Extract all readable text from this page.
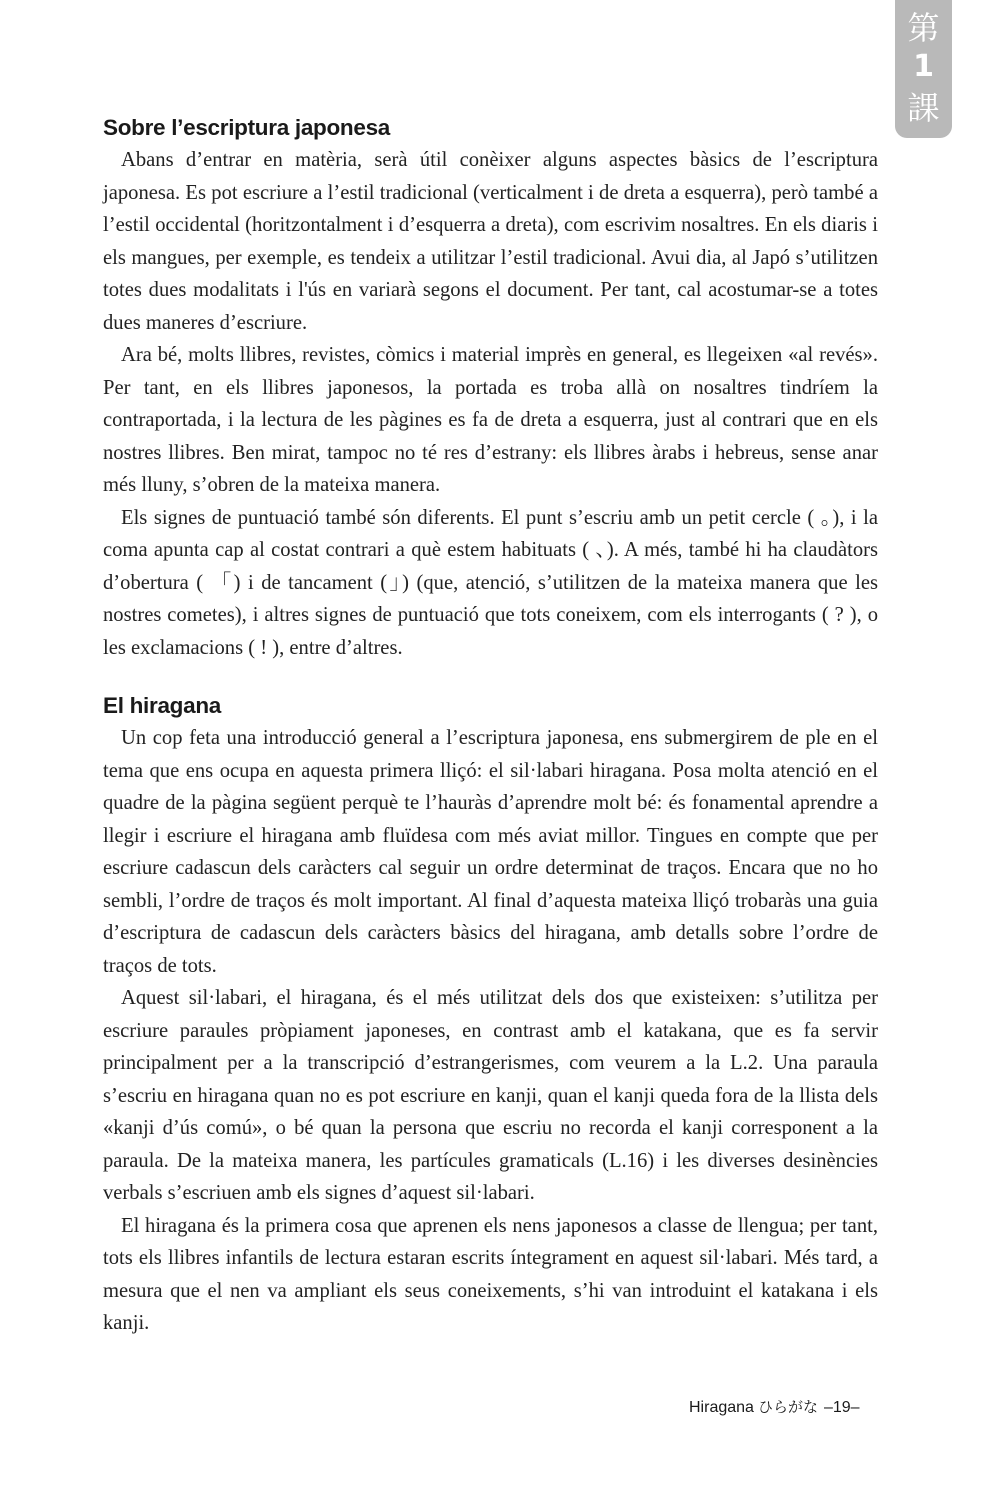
第
1
課
Sobre l’escriptura japonesa

Abans d’entrar en matèria, serà útil conèixer alguns aspectes bàsics de l’escriptura japonesa. Es pot escriure a l’estil tradicional (verticalment i de dreta a esquerra), però també a l’estil occidental (horitzontalment i d’esquerra a dreta), com escrivim nosaltres. En els diaris i els mangues, per exemple, es tendeix a utilitzar l’estil tradicional. Avui dia, al Japó s’utilitzen totes dues modalitats i l'ús en variarà segons el document. Per tant, cal acostumar-se a totes dues maneres d’escriure.

Ara bé, molts llibres, revistes, còmics i material imprès en general, es llegeixen «al revés». Per tant, en els llibres japonesos, la portada es troba allà on nosaltres tindríem la contraportada, i la lectura de les pàgines es fa de dreta a esquerra, just al contrari que en els nostres llibres. Ben mirat, tampoc no té res d’estrany: els llibres àrabs i hebreus, sense anar més lluny, s’obren de la mateixa manera.

Els signes de puntuació també són diferents. El punt s’escriu amb un petit cercle ( 。), i la coma apunta cap al costat contrari a què estem habituats ( 、). A més, també hi ha claudàtors d’obertura ( 「) i de tancament (」) (que, atenció, s’utilitzen de la mateixa manera que les nostres cometes), i altres signes de puntuació que tots coneixem, com els interrogants ( ? ), o les exclamacions ( ! ), entre d’altres.

El hiragana

Un cop feta una introducció general a l’escriptura japonesa, ens submergirem de ple en el tema que ens ocupa en aquesta primera lliçó: el sil·labari hiragana. Posa molta atenció en el quadre de la pàgina següent perquè te l’hauràs d’aprendre molt bé: és fonamental aprendre a llegir i escriure el hiragana amb fluïdesa com més aviat millor. Tingues en compte que per escriure cadascun dels caràcters cal seguir un ordre determinat de traços. Encara que no ho sembli, l’ordre de traços és molt important. Al final d’aquesta mateixa lliçó trobaràs una guia d’escriptura de cadascun dels caràcters bàsics del hiragana, amb detalls sobre l’ordre de traços de tots.

Aquest sil·labari, el hiragana, és el més utilitzat dels dos que existeixen: s’utilitza per escriure paraules pròpiament japoneses, en contrast amb el katakana, que es fa servir principalment per a la transcripció d’estrangerismes, com veurem a la L.2. Una paraula s’escriu en hiragana quan no es pot escriure en kanji, quan el kanji queda fora de la llista dels «kanji d’ús comú», o bé quan la persona que escriu no recorda el kanji corresponent a la paraula. De la mateixa manera, les partícules gramaticals (L.16) i les diverses desinències verbals s’escriuen amb els signes d’aquest sil·labari.

El hiragana és la primera cosa que aprenen els nens japonesos a classe de llengua; per tant, tots els llibres infantils de lectura estaran escrits íntegrament en aquest sil·labari. Més tard, a mesura que el nen va ampliant els seus coneixements, s’hi van introduint el katakana i els kanji.

Hiragana ひらがな –19–
